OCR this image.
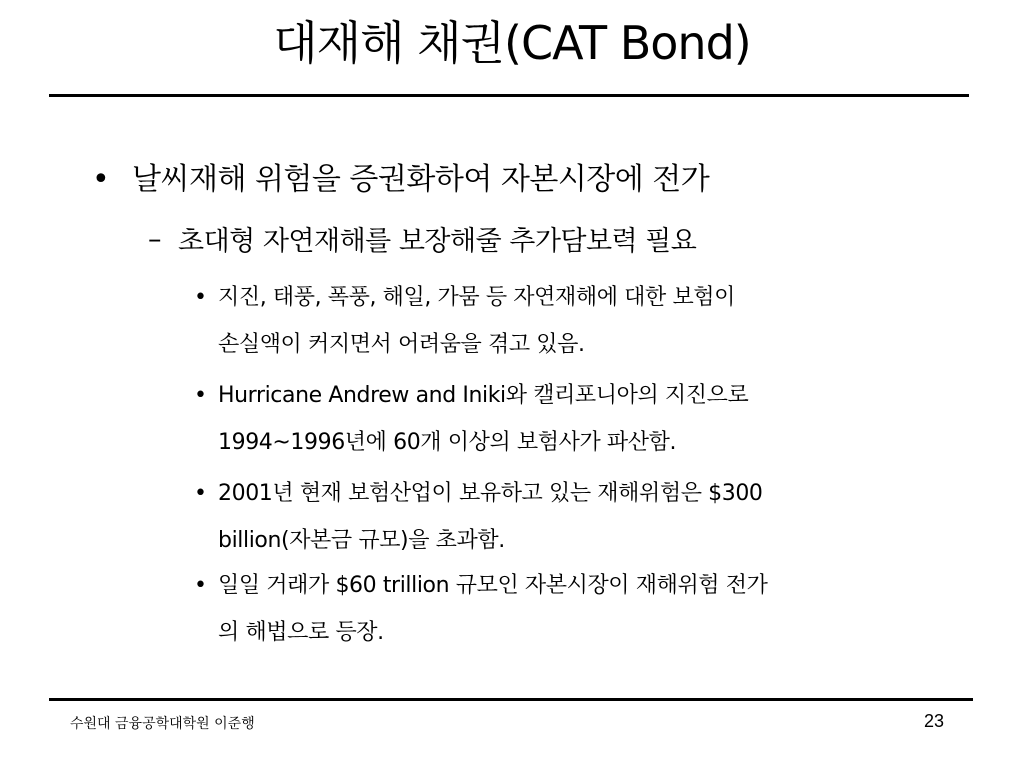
대재해 채권(CAT Bond)
• 날씨재해 위험을 증권화하여 자본시장에 전가
– 초대형 자연재해를 보장해줄 추가담보력 필요
• 지진, 태풍, 폭풍, 해일, 가뭄 등 자연재해에 대한 보험이
손실액이 커지면서 어려움을 겪고 있음.
• Hurricane Andrew and Iniki와 캘리포니아의 지진으로
1994~1996년에 60개 이상의 보험사가 파산함.
• 2001년 현재 보험산업이 보유하고 있는 재해위험은 $300
billion(자본금 규모)을 초과함.
• 일일 거래가 $60 trillion 규모인 자본시장이 재해위험 전가
의 해법으로 등장.
수원대 금융공학대학원 이준행	23
